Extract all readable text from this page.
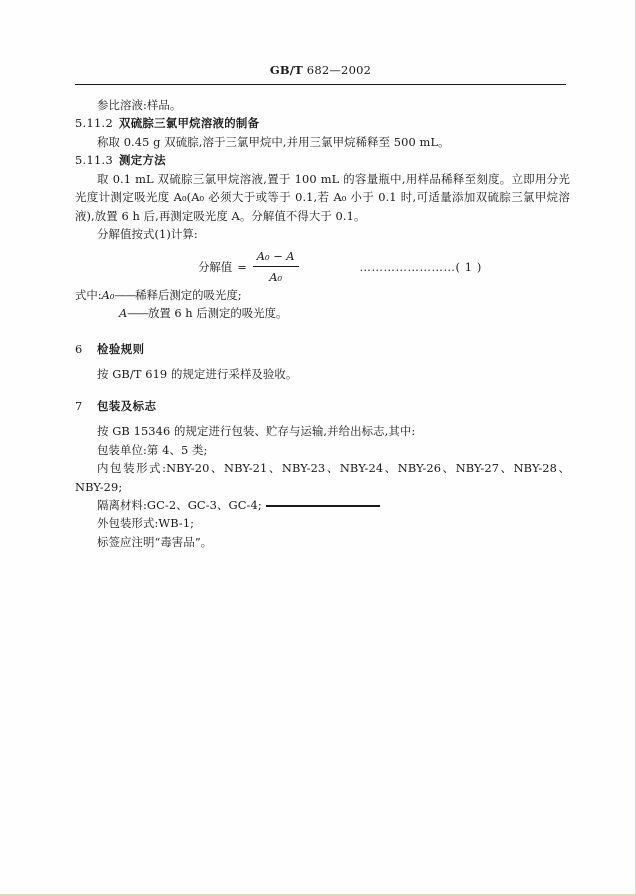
GB/T 682—2002

参比溶液:样品。

5.11.2 双硫腙三氯甲烷溶液的制备

称取 0.45 g 双硫腙,溶于三氯甲烷中,并用三氯甲烷稀释至 500 mL。

5.11.3 测定方法

取 0.1 mL 双硫腙三氯甲烷溶液,置于 100 mL 的容量瓶中,用样品稀释至刻度。立即用分光光度计测定吸光度 A₀(A₀ 必须大于或等于 0.1,若 A₀ 小于 0.1 时,可适量添加双硫腙三氯甲烷溶液),放置 6 h 后,再测定吸光度 A。分解值不得大于 0.1。

分解值按式(1)计算:

分解值 = $\frac{\text{A₀ − A}}{\text{A₀}}$	……………………( 1 )
式中: A₀ —— 稀释后测定的吸光度;
A —— 放置 6 h 后测定的吸光度。

6 检验规则

按 GB/T 619 的规定进行采样及验收。

7 包装及标志

按 GB 15346 的规定进行包装、贮存与运输,并给出标志,其中:

包装单位:第 4、5 类;

内包装形式:NBY-20、NBY-21、NBY-23、NBY-24、NBY-26、NBY-27、NBY-28、NBY-29;

隔离材料:GC-2、GC-3、GC-4;

外包装形式:WB-1;

标签应注明“毒害品”。
